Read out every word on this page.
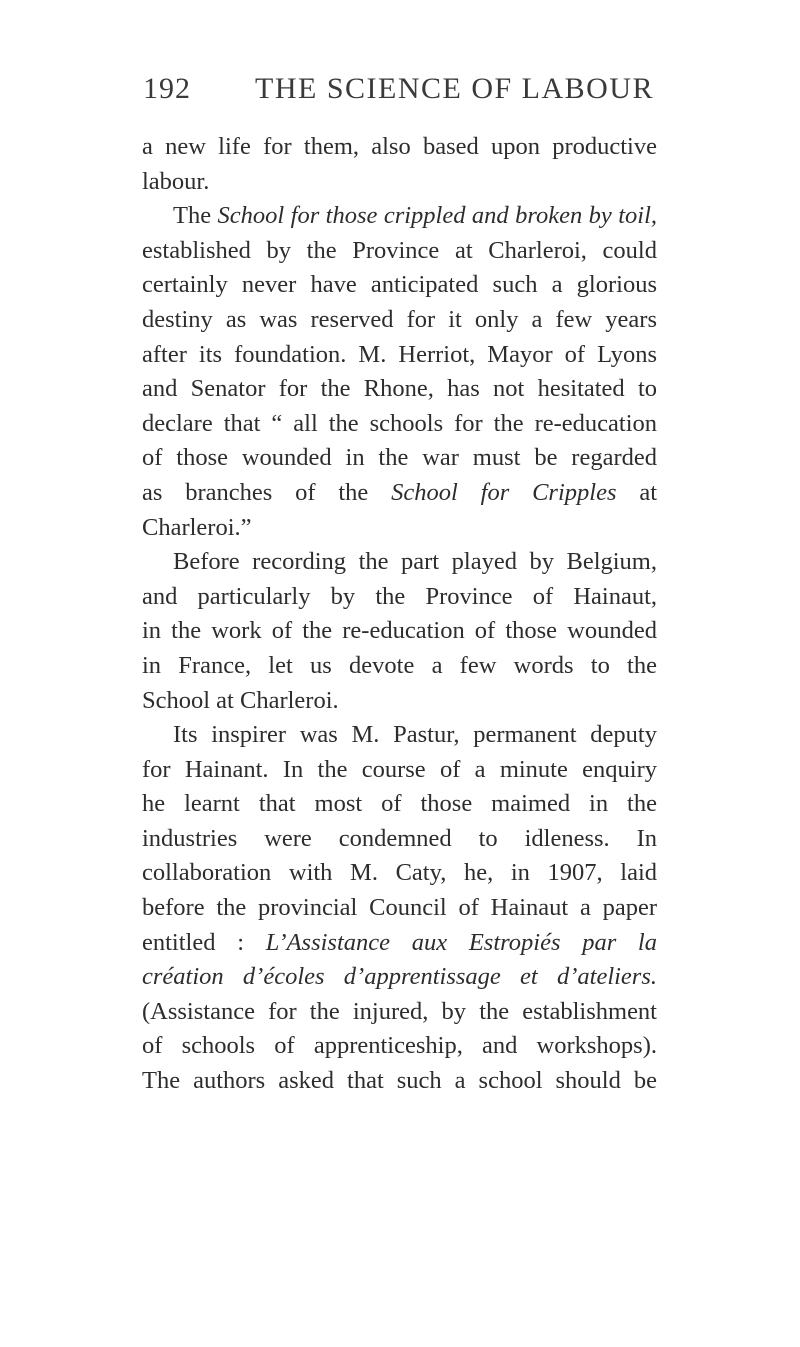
192 THE SCIENCE OF LABOUR
a new life for them, also based upon productive
labour.
The School for those crippled and broken by toil,
established by the Province at Charleroi, could
certainly never have anticipated such a glorious
destiny as was reserved for it only a few years
after its foundation. M. Herriot, Mayor of Lyons
and Senator for the Rhone, has not hesitated to
declare that “ all the schools for the re-education
of those wounded in the war must be regarded
as branches of the School for Cripples at
Charleroi.”
Before recording the part played by Belgium,
and particularly by the Province of Hainaut,
in the work of the re-education of those wounded
in France, let us devote a few words to the
School at Charleroi.
Its inspirer was M. Pastur, permanent deputy
for Hainant. In the course of a minute enquiry
he learnt that most of those maimed in the
industries were condemned to idleness. In
collaboration with M. Caty, he, in 1907, laid
before the provincial Council of Hainaut a paper
entitled : L’Assistance aux Estropiés par la
création d’écoles d’apprentissage et d’ateliers.
(Assistance for the injured, by the establishment
of schools of apprenticeship, and workshops).
The authors asked that such a school should be
